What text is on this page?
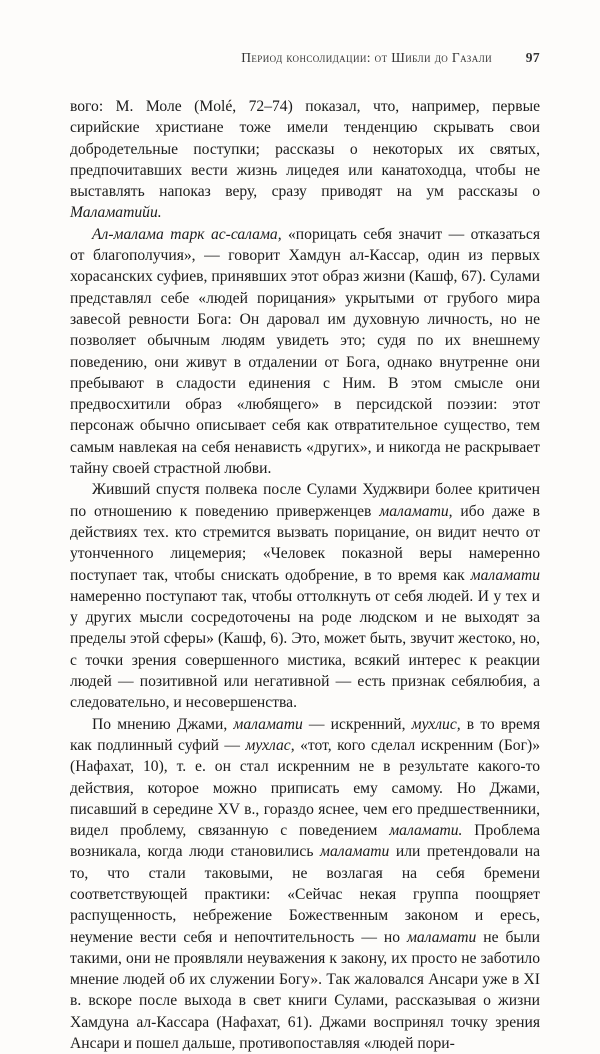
Период консолидации: от Шибли до Газали 97

вого: М. Моле (Molé, 72–74) показал, что, например, первые сирийские христиане тоже имели тенденцию скрывать свои добродетельные поступки; рассказы о некоторых их святых, предпочитавших вести жизнь лицедея или канатоходца, чтобы не выставлять напоказ веру, сразу приводят на ум рассказы о Маламатийи.

Ал-малама тарк ас-салама, «порицать себя значит — отказаться от благополучия», — говорит Хамдун ал-Кассар, один из первых хорасанских суфиев, принявших этот образ жизни (Кашф, 67). Сулами представлял себе «людей порицания» укрытыми от грубого мира завесой ревности Бога: Он даровал им духовную личность, но не позволяет обычным людям увидеть это; судя по их внешнему поведению, они живут в отдалении от Бога, однако внутренне они пребывают в сладости единения с Ним. В этом смысле они предвосхитили образ «любящего» в персидской поэзии: этот персонаж обычно описывает себя как отвратительное существо, тем самым навлекая на себя ненависть «других», и никогда не раскрывает тайну своей страстной любви.

Живший спустя полвека после Сулами Худжвири более критичен по отношению к поведению приверженцев маламати, ибо даже в действиях тех. кто стремится вызвать порицание, он видит нечто от утонченного лицемерия; «Человек показной веры намеренно поступает так, чтобы снискать одобрение, в то время как маламати намеренно поступают так, чтобы оттолкнуть от себя людей. И у тех и у других мысли сосредоточены на роде людском и не выходят за пределы этой сферы» (Кашф, 6). Это, может быть, звучит жестоко, но, с точки зрения совершенного мистика, всякий интерес к реакции людей — позитивной или негативной — есть признак себялюбия, а следовательно, и несовершенства.

По мнению Джами, маламати — искренний, мухлис, в то время как подлинный суфий — мухлас, «тот, кого сделал искренним (Бог)» (Нафахат, 10), т. е. он стал искренним не в результате какого-то действия, которое можно приписать ему самому. Но Джами, писавший в середине XV в., гораздо яснее, чем его предшественники, видел проблему, связанную с поведением маламати. Проблема возникала, когда люди становились маламати или претендовали на то, что стали таковыми, не возлагая на себя бремени соответствующей практики: «Сейчас некая группа поощряет распущенность, небрежение Божественным законом и ересь, неумение вести себя и непочтительность — но маламати не были такими, они не проявляли неуважения к закону, их просто не заботило мнение людей об их служении Богу». Так жаловался Ансари уже в XI в. вскоре после выхода в свет книги Сулами, рассказывая о жизни Хамдуна ал-Кассара (Нафахат, 61). Джами воспринял точку зрения Ансари и пошел дальше, противопоставляя «людей пори-
